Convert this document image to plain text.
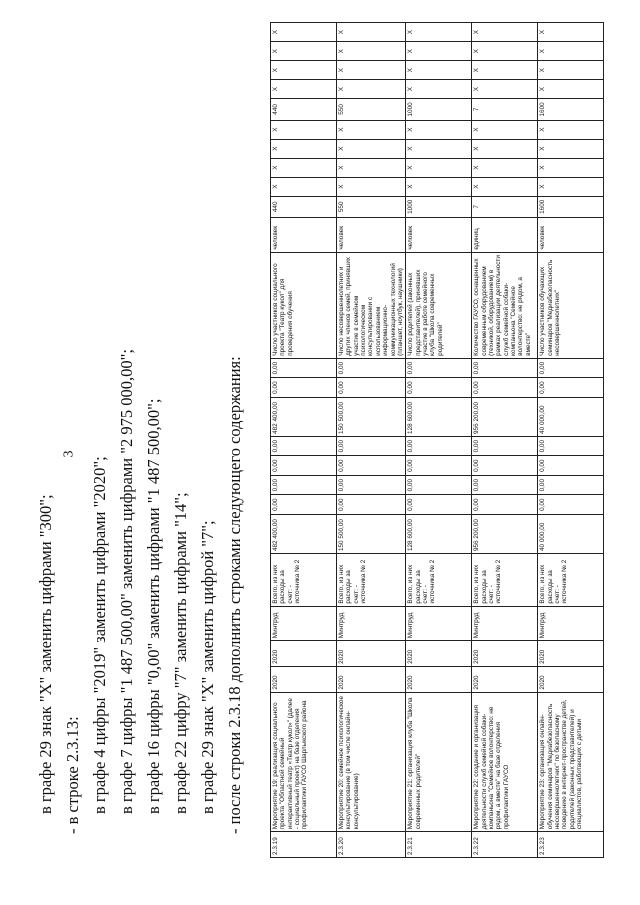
3
в графе 29 знак "Х" заменить цифрами "300"; - в строке 2.3.13: в графе 4 цифры "2019" заменить цифрами "2020"; в графе 7 цифры "1 487 500,00" заменить цифрами "2 975 000,00"; в графе 16 цифры "0,00" заменить цифрами "1 487 500,00"; в графе 22 цифру "7" заменить цифрами "14"; в графе 29 знак "Х" заменить цифрой "7"; - после строки 2.3.18 дополнить строками следующего содержания:
2.3.19	Мероприятие 19: реализация социального проекта "Областной семейный интерактивный театр «Театр кукол»" (далее - социальный проект) на базе отделения профилактики ГАУСО Шарлыкского района	2020	2020	Минтруд	Всего, из них расходы за счет: - источника № 2	482 400,00	0,00	0,00	0,00	0,00	482 400,00	0,00	0,00	Число участников социального проекта "Театр кукол" для проведения обучения	человек	440	Х	Х	Х	Х	440	Х	Х	Х	Х
2.3.20	Мероприятие 20: семейное психологическое консультирование (в том числе онлайн-консультирование)	2020	2020	Минтруд	Всего, из них расходы за счет: - источника № 2	150 500,00	0,00	0,00	0,00	0,00	150 500,00	0,00	0,00	Число несовершеннолетних и других членов семей, принявших участие в семейном психологическом консультировании с использованием информационно-коммуникационных технологий (планшет, ноутбук, наушники)	человек	550	Х	Х	Х	Х	550	Х	Х	Х	Х
2.3.21	Мероприятие 21: организация клуба "Школа современных родителей"	2020	2020	Минтруд	Всего, из них расходы за счет: - источника № 2	128 600,00	0,00	0,00	0,00	0,00	128 600,00	0,00	0,00	Число родителей (законных представителей), принявших участие в работе семейного клуба "Школа современных родителей"	человек	1000	Х	Х	Х	Х	1000	Х	Х	Х	Х
2.3.22	Мероприятие 22: создание и организация деятельности служб семейной собаки-компаньона "Семейное волонтерство: не рядом, а вместе" на базе отделения профилактики ГАУСО	2020	2020	Минтруд	Всего, из них расходы за счет: - источника № 2	956 200,00	0,00	0,00	0,00	0,00	956 200,00	0,00	0,00	Количество ГАУСО, оснащенных современным оборудованием (техникой, оборудованием) в рамках реализации деятельности служб семейной собаки-компаньона "Семейное волонтерство: не рядом, а вместе"	единиц	7	Х	Х	Х	Х	7	Х	Х	Х	Х
2.3.23	Мероприятие 23: организация онлайн-обучения семинаров "Медиабезопасность несовершеннолетних" по безопасному поведению в интернет-пространстве детей, родителей (законных представителей) и специалистов, работающих с детьми	2020	2020	Минтруд	Всего, из них расходы за счет: - источника № 2	40 000,00	0,00	0,00	0,00	0,00	40 000,00	0,00	0,00	Число участников обучающих семинаров "Медиабезопасность несовершеннолетних"	человек	1600	Х	Х	Х	Х	1600	Х	Х	Х	Х
